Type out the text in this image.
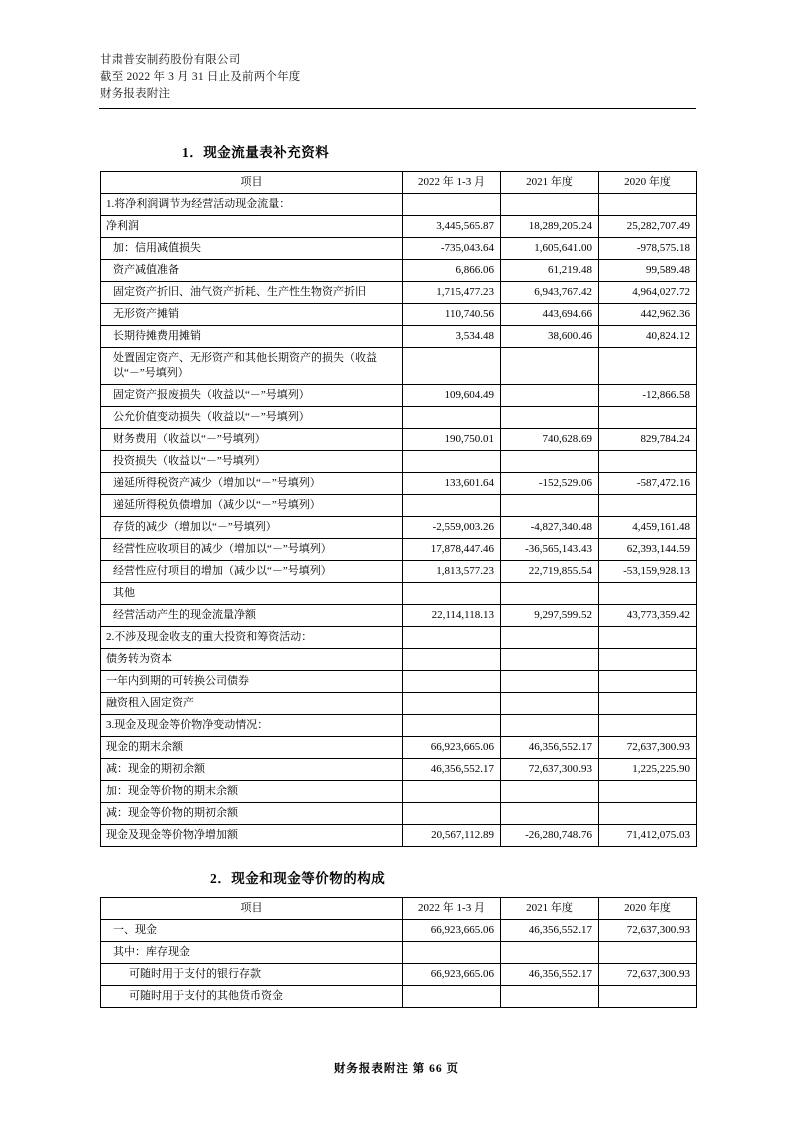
甘肃普安制药股份有限公司
截至 2022 年 3 月 31 日止及前两个年度
财务报表附注
1．现金流量表补充资料
项目	2022 年 1-3 月	2021 年度	2020 年度
1.将净利润调节为经营活动现金流量：			
净利润	3,445,565.87	18,289,205.24	25,282,707.49
加：信用减值损失	-735,043.64	1,605,641.00	-978,575.18
资产减值准备	6,866.06	61,219.48	99,589.48
固定资产折旧、油气资产折耗、生产性生物资产折旧	1,715,477.23	6,943,767.42	4,964,027.72
无形资产摊销	110,740.56	443,694.66	442,962.36
长期待摊费用摊销	3,534.48	38,600.46	40,824.12
处置固定资产、无形资产和其他长期资产的损失（收益以“－”号填列）			
固定资产报废损失（收益以“－”号填列）	109,604.49		-12,866.58
公允价值变动损失（收益以“－”号填列）			
财务费用（收益以“－”号填列）	190,750.01	740,628.69	829,784.24
投资损失（收益以“－”号填列）			
递延所得税资产减少（增加以“－”号填列）	133,601.64	-152,529.06	-587,472.16
递延所得税负债增加（减少以“－”号填列）			
存货的减少（增加以“－”号填列）	-2,559,003.26	-4,827,340.48	4,459,161.48
经营性应收项目的减少（增加以“－”号填列）	17,878,447.46	-36,565,143.43	62,393,144.59
经营性应付项目的增加（减少以“－”号填列）	1,813,577.23	22,719,855.54	-53,159,928.13
其他			
经营活动产生的现金流量净额	22,114,118.13	9,297,599.52	43,773,359.42
2.不涉及现金收支的重大投资和筹资活动：			
债务转为资本			
一年内到期的可转换公司债券			
融资租入固定资产			
3.现金及现金等价物净变动情况：			
现金的期末余额	66,923,665.06	46,356,552.17	72,637,300.93
减：现金的期初余额	46,356,552.17	72,637,300.93	1,225,225.90
加：现金等价物的期末余额			
减：现金等价物的期初余额			
现金及现金等价物净增加额	20,567,112.89	-26,280,748.76	71,412,075.03
2．现金和现金等价物的构成
项目	2022 年 1-3 月	2021 年度	2020 年度
一、现金	66,923,665.06	46,356,552.17	72,637,300.93
其中：库存现金			
可随时用于支付的银行存款	66,923,665.06	46,356,552.17	72,637,300.93
可随时用于支付的其他货币资金			
财务报表附注 第 66 页
